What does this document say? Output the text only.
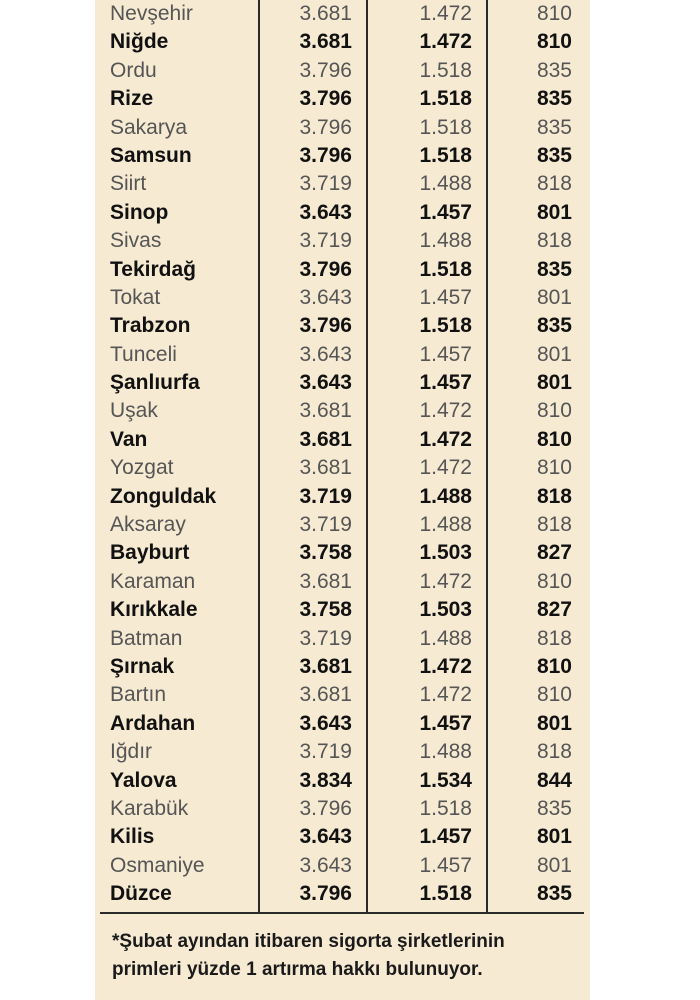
Nevşehir	3.681	1.472	810
Niğde	3.681	1.472	810
Ordu	3.796	1.518	835
Rize	3.796	1.518	835
Sakarya	3.796	1.518	835
Samsun	3.796	1.518	835
Siirt	3.719	1.488	818
Sinop	3.643	1.457	801
Sivas	3.719	1.488	818
Tekirdağ	3.796	1.518	835
Tokat	3.643	1.457	801
Trabzon	3.796	1.518	835
Tunceli	3.643	1.457	801
Şanlıurfa	3.643	1.457	801
Uşak	3.681	1.472	810
Van	3.681	1.472	810
Yozgat	3.681	1.472	810
Zonguldak	3.719	1.488	818
Aksaray	3.719	1.488	818
Bayburt	3.758	1.503	827
Karaman	3.681	1.472	810
Kırıkkale	3.758	1.503	827
Batman	3.719	1.488	818
Şırnak	3.681	1.472	810
Bartın	3.681	1.472	810
Ardahan	3.643	1.457	801
Iğdır	3.719	1.488	818
Yalova	3.834	1.534	844
Karabük	3.796	1.518	835
Kilis	3.643	1.457	801
Osmaniye	3.643	1.457	801
Düzce	3.796	1.518	835
*Şubat ayından itibaren sigorta şirketlerinin
primleri yüzde 1 artırma hakkı bulunuyor.
